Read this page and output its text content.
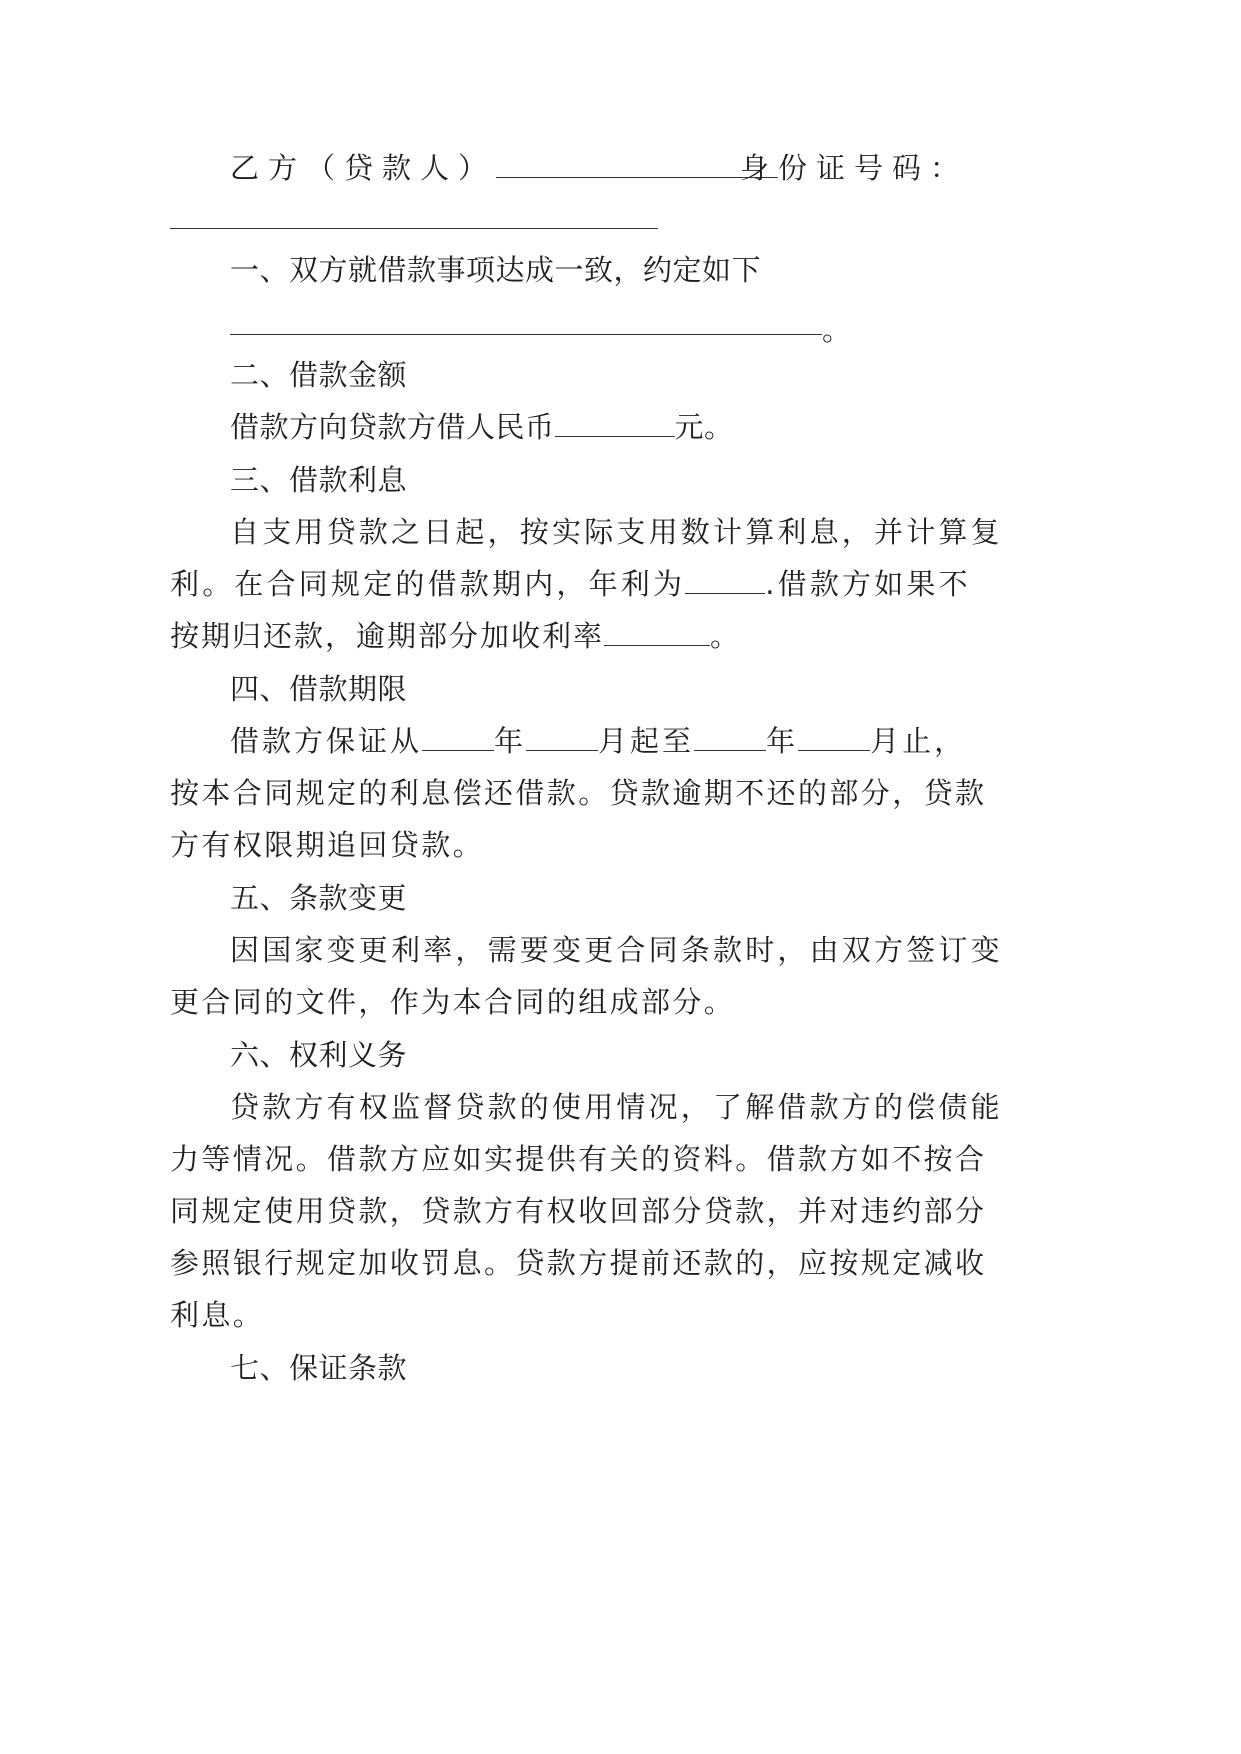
乙方（贷款人）	身份证号码：
一、双方就借款事项达成一致，约定如下
。
二、借款金额
借款方向贷款方借人民币	元。
三、借款利息
自支用贷款之日起，按实际支用数计算利息，并计算复
利。在合同规定的借款期内，年利为	.借款方如果不
按期归还款，逾期部分加收利率	。
四、借款期限
借款方保证从 年 月起至 年 月止，
按本合同规定的利息偿还借款。贷款逾期不还的部分，贷款
方有权限期追回贷款。
五、条款变更
因国家变更利率，需要变更合同条款时，由双方签订变
更合同的文件，作为本合同的组成部分。
六、权利义务
贷款方有权监督贷款的使用情况，了解借款方的偿债能
力等情况。借款方应如实提供有关的资料。借款方如不按合
同规定使用贷款，贷款方有权收回部分贷款，并对违约部分
参照银行规定加收罚息。贷款方提前还款的，应按规定减收
利息。
七、保证条款
